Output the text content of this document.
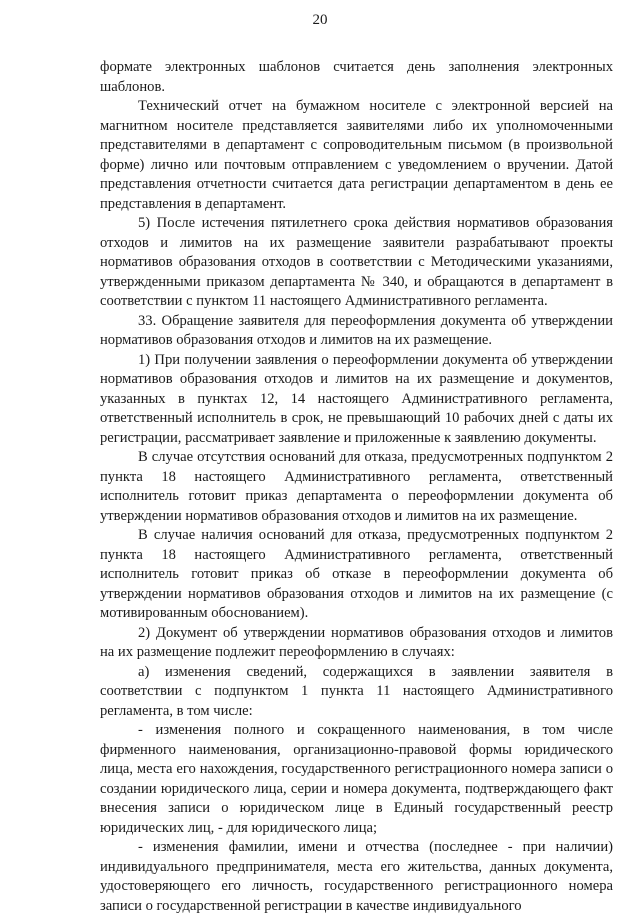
20

формате электронных шаблонов считается день заполнения электронных шаблонов.

Технический отчет на бумажном носителе с электронной версией на магнитном носителе представляется заявителями либо их уполномоченными представителями в департамент с сопроводительным письмом (в произвольной форме) лично или почтовым отправлением с уведомлением о вручении. Датой представления отчетности считается дата регистрации департаментом в день ее представления в департамент.

5) После истечения пятилетнего срока действия нормативов образования отходов и лимитов на их размещение заявители разрабатывают проекты нормативов образования отходов в соответствии с Методическими указаниями, утвержденными приказом департамента № 340, и обращаются в департамент в соответствии с пунктом 11 настоящего Административного регламента.

33. Обращение заявителя для переоформления документа об утверждении нормативов образования отходов и лимитов на их размещение.

1) При получении заявления о переоформлении документа об утверждении нормативов образования отходов и лимитов на их размещение и документов, указанных в пунктах 12, 14 настоящего Административного регламента, ответственный исполнитель в срок, не превышающий 10 рабочих дней с даты их регистрации, рассматривает заявление и приложенные к заявлению документы.

В случае отсутствия оснований для отказа, предусмотренных подпунктом 2 пункта 18 настоящего Административного регламента, ответственный исполнитель готовит приказ департамента о переоформлении документа об утверждении нормативов образования отходов и лимитов на их размещение.

В случае наличия оснований для отказа, предусмотренных подпунктом 2 пункта 18 настоящего Административного регламента, ответственный исполнитель готовит приказ об отказе в переоформлении документа об утверждении нормативов образования отходов и лимитов на их размещение (с мотивированным обоснованием).

2) Документ об утверждении нормативов образования отходов и лимитов на их размещение подлежит переоформлению в случаях:

а) изменения сведений, содержащихся в заявлении заявителя в соответствии с подпунктом 1 пункта 11 настоящего Административного регламента, в том числе:

- изменения полного и сокращенного наименования, в том числе фирменного наименования, организационно-правовой формы юридического лица, места его нахождения, государственного регистрационного номера записи о создании юридического лица, серии и номера документа, подтверждающего факт внесения записи о юридическом лице в Единый государственный реестр юридических лиц, - для юридического лица;

- изменения фамилии, имени и отчества (последнее - при наличии) индивидуального предпринимателя, места его жительства, данных документа, удостоверяющего его личность, государственного регистрационного номера записи о государственной регистрации в качестве индивидуального
